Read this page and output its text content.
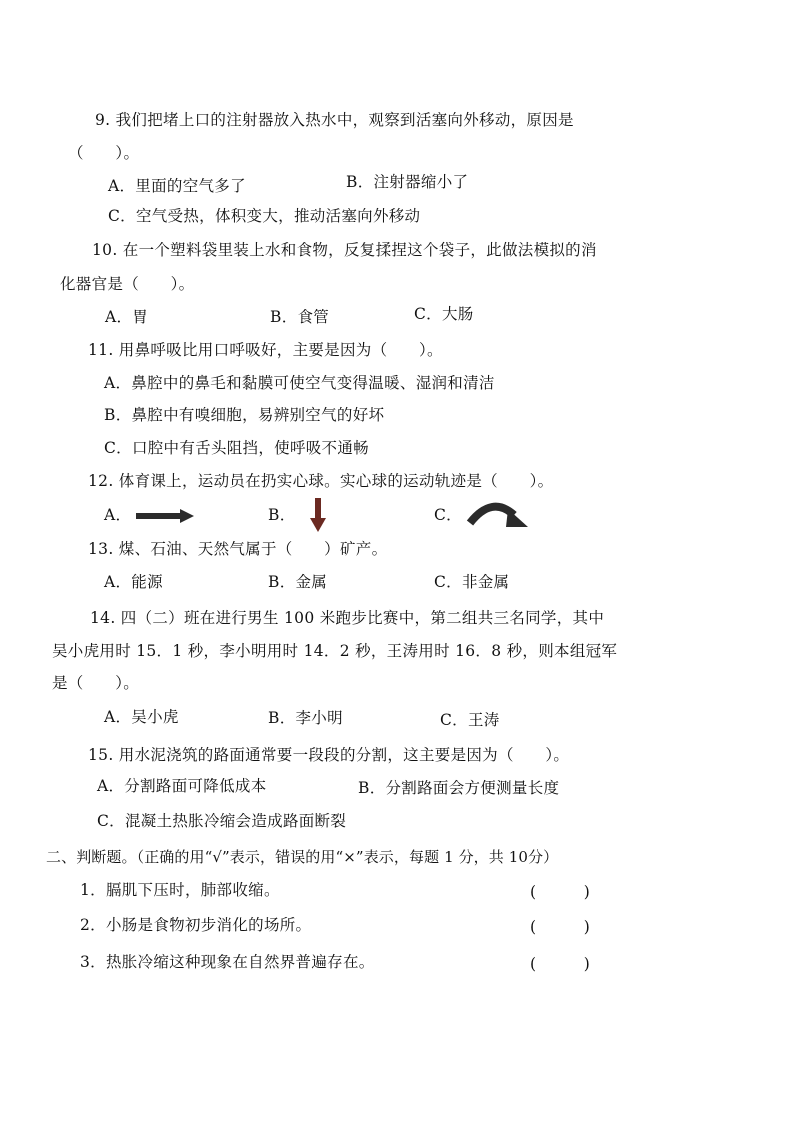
9. 我们把堵上口的注射器放入热水中，观察到活塞向外移动，原因是
（　　）。
A．里面的空气多了	B．注射器缩小了
C．空气受热，体积变大，推动活塞向外移动
10. 在一个塑料袋里装上水和食物，反复揉捏这个袋子，此做法模拟的消
化器官是（　　）。
A．胃	B．食管	C．大肠
11. 用鼻呼吸比用口呼吸好，主要是因为（　　）。
A．鼻腔中的鼻毛和黏膜可使空气变得温暖、湿润和清洁
B．鼻腔中有嗅细胞，易辨别空气的好坏
C．口腔中有舌头阻挡，使呼吸不通畅
12. 体育课上，运动员在扔实心球。实心球的运动轨迹是（　　）。
A．	B．	C．
13. 煤、石油、天然气属于（　　）矿产。
A．能源	B．金属	C．非金属
14. 四（二）班在进行男生 100 米跑步比赛中，第二组共三名同学，其中
吴小虎用时 15．1 秒，李小明用时 14．2 秒，王涛用时 16．8 秒，则本组冠军
是（　　）。
A．吴小虎	B．李小明	C．王涛
15. 用水泥浇筑的路面通常要一段段的分割，这主要是因为（　　）。
A．分割路面可降低成本	B．分割路面会方便测量长度
C．混凝土热胀冷缩会造成路面断裂
二、判断题。（正确的用“√”表示，错误的用“×”表示，每题 1 分，共 10分）
1．膈肌下压时，肺部收缩。	(　　　)
2．小肠是食物初步消化的场所。	(　　　)
3．热胀冷缩这种现象在自然界普遍存在。	(　　　)
